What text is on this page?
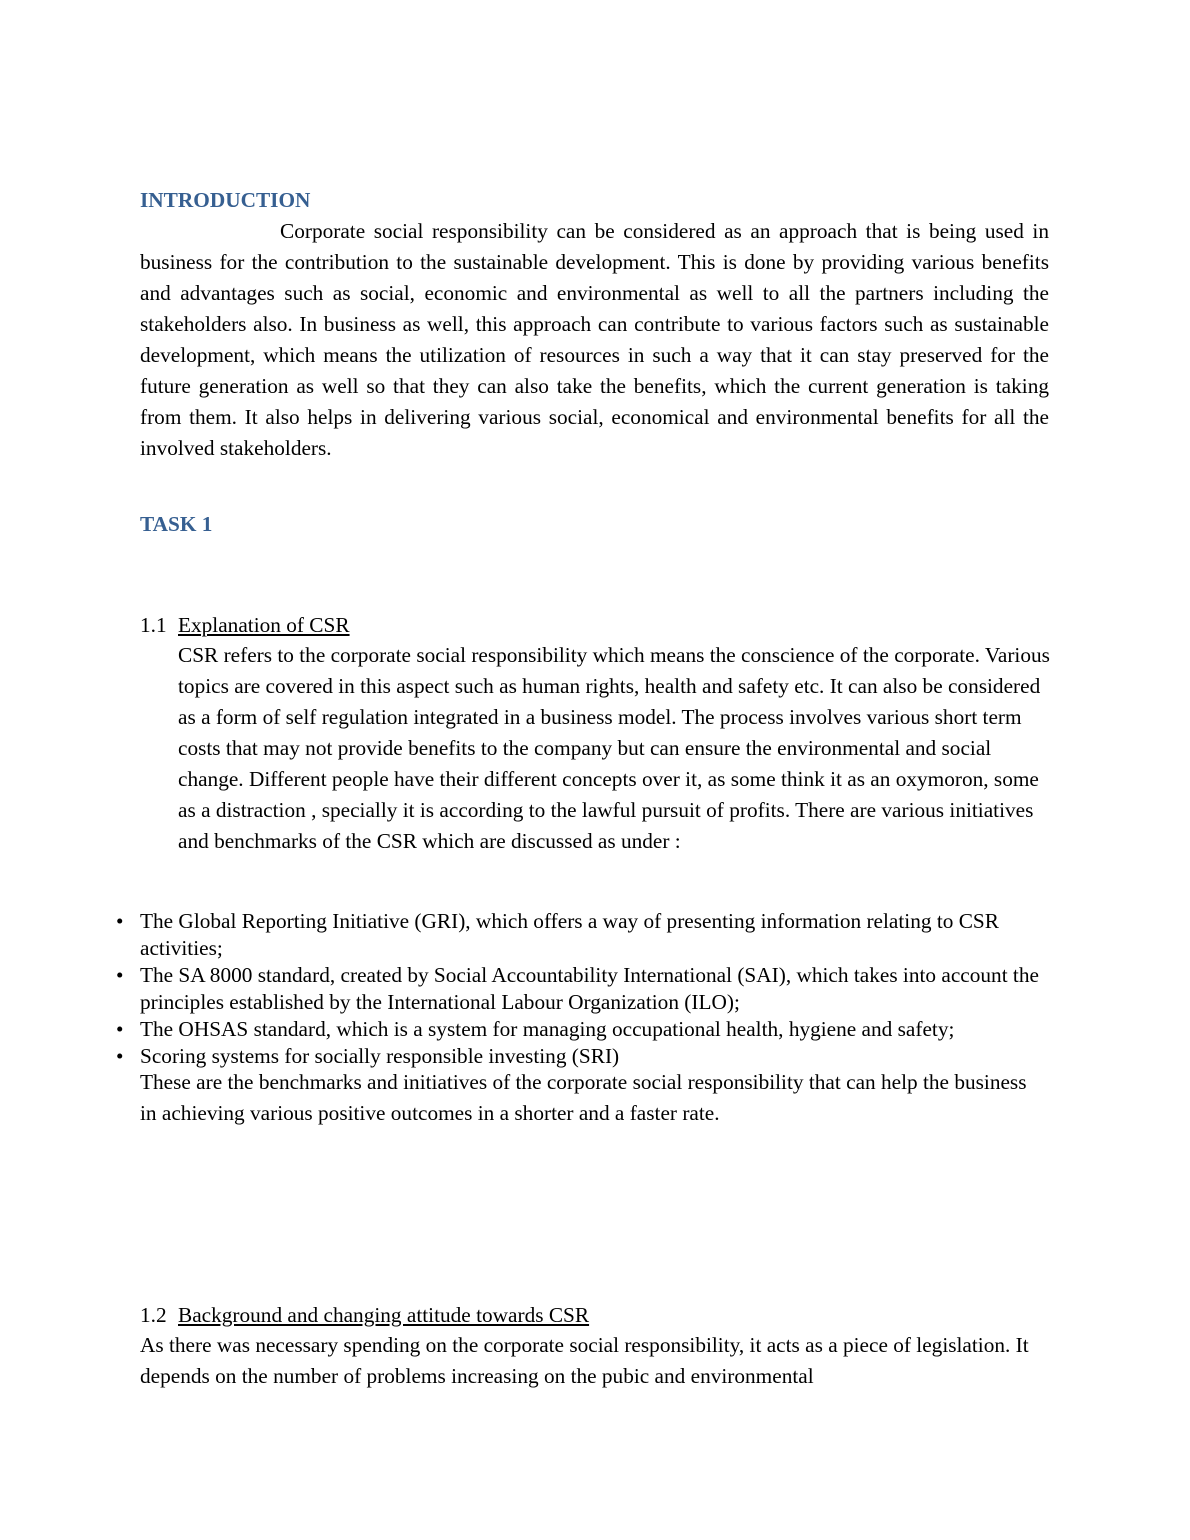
INTRODUCTION

Corporate social responsibility can be considered as an approach that is being used in business for the contribution to the sustainable development. This is done by providing various benefits and advantages such as social, economic and environmental as well to all the partners including the stakeholders also. In business as well, this approach can contribute to various factors such as sustainable development, which means the utilization of resources in such a way that it can stay preserved for the future generation as well so that they can also take the benefits, which the current generation is taking from them. It also helps in delivering various social, economical and environmental benefits for all the involved stakeholders.

TASK 1
1.1 Explanation of CSR

CSR refers to the corporate social responsibility which means the conscience of the corporate. Various topics are covered in this aspect such as human rights, health and safety etc. It can also be considered as a form of self regulation integrated in a business model. The process involves various short term costs that may not provide benefits to the company but can ensure the environmental and social change. Different people have their different concepts over it, as some think it as an oxymoron, some as a distraction , specially it is according to the lawful pursuit of profits. There are various initiatives and benchmarks of the CSR which are discussed as under :

• The Global Reporting Initiative (GRI), which offers a way of presenting information relating to CSR activities;
• The SA 8000 standard, created by Social Accountability International (SAI), which takes into account the principles established by the International Labour Organization (ILO);
• The OHSAS standard, which is a system for managing occupational health, hygiene and safety;
• Scoring systems for socially responsible investing (SRI)

These are the benchmarks and initiatives of the corporate social responsibility that can help the business in achieving various positive outcomes in a shorter and a faster rate.

1.2 Background and changing attitude towards CSR

As there was necessary spending on the corporate social responsibility, it acts as a piece of legislation. It depends on the number of problems increasing on the pubic and environmental
